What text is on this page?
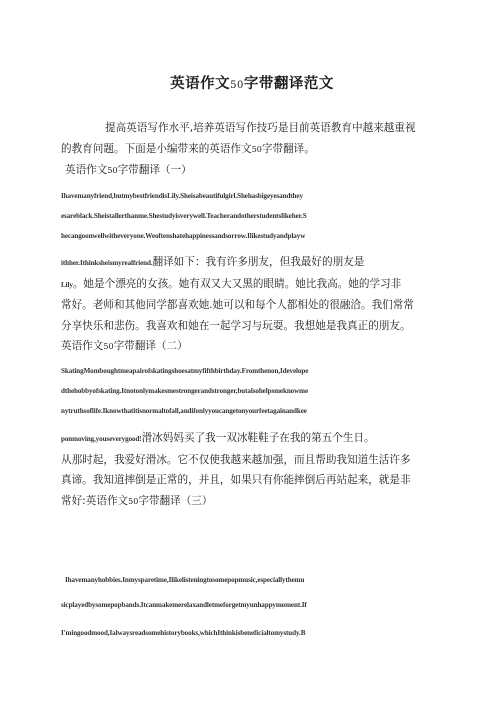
英语作文50字带翻译范文
提高英语写作水平,培养英语写作技巧是目前英语教育中越来越重视
的教育问题。下面是小编带来的英语作文50字带翻译。
英语作文50字带翻译（一）
Ihavemanyfriend,butmybestfriendisLily.Sheisabeautifulgirl.Shehasbigeyesandthey
esareblack.Sheistallerthanme.Shestudyisverywell.Teacherandotherstudentslikeher.S
hecangoonwellwitheveryone.Weoftenshatehappinessandsorrow.Ilikestudyandplayw
ithher.Ithinksheismyrealfriend.翻译如下：我有许多朋友，但我最好的朋友是
Lily。她是个漂亮的女孩。她有双又大又黑的眼睛。她比我高。她的学习非
常好。老师和其他同学都喜欢她.她可以和每个人都相处的很融洽。我们常常
分享快乐和悲伤。我喜欢和她在一起学习与玩耍。我想她是我真正的朋友。
英语作文50字带翻译（二）
SkatingMomboughtmeapairofskatingshoesatmyfifthbirthday.Fromthenon,Idevelope
dthehobbyofskating.Itnotonlymakesmestrongerandstronger,butalsohelpsmeknowme
nytruthsoflife.Iknowthatitisnormaltofall,andifonlyyoucangetonyourfeetagainandkee
ponmoving,youseverygood!滑冰妈妈买了我一双冰鞋鞋子在我的第五个生日。
从那时起，我爱好滑冰。它不仅使我越来越加强，而且帮助我知道生活许多
真谛。我知道摔倒是正常的，并且，如果只有你能摔倒后再站起来，就是非
常好:英语作文50字带翻译（三）
Ihavemanyhobbies.Inmysparetime,Ilikelisteningtosomepopmusic,especiallythemu
sicplayedbysomepopbands.Itcanmakemerelaxandletmeforgetmyunhappymoment.If
I'mingoodmood,Ialwaysreadsomehistorybooks,whichIthinkisbeneficialtomystudy.B
